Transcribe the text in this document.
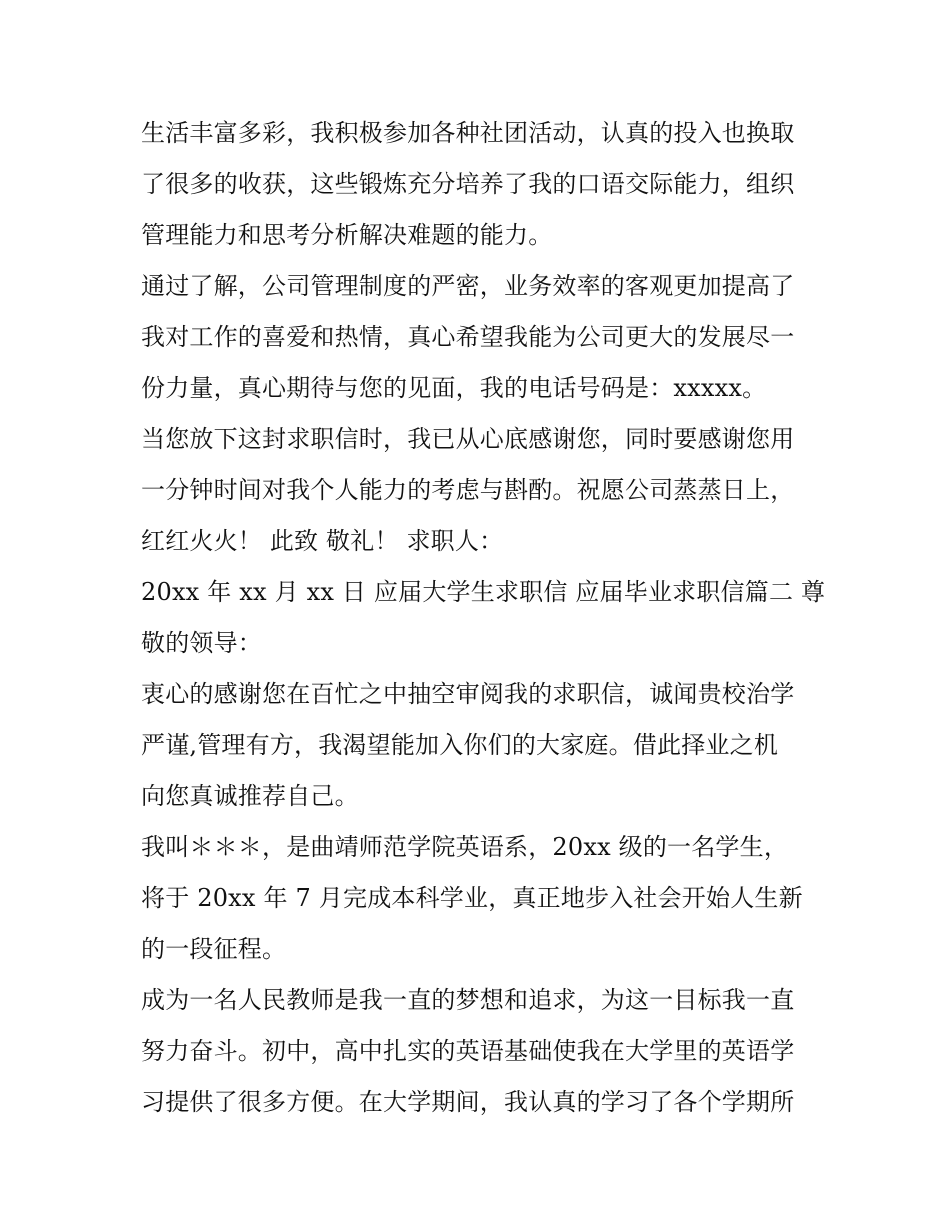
生活丰富多彩，我积极参加各种社团活动，认真的投入也换取
了很多的收获，这些锻炼充分培养了我的口语交际能力，组织
管理能力和思考分析解决难题的能力。
通过了解，公司管理制度的严密，业务效率的客观更加提高了
我对工作的喜爱和热情，真心希望我能为公司更大的发展尽一
份力量，真心期待与您的见面，我的电话号码是：xxxxx。
当您放下这封求职信时，我已从心底感谢您，同时要感谢您用
一分钟时间对我个人能力的考虑与斟酌。祝愿公司蒸蒸日上，
红红火火！ 此致 敬礼！ 求职人：
20xx 年 xx 月 xx 日 应届大学生求职信 应届毕业求职信篇二 尊
敬的领导：
衷心的感谢您在百忙之中抽空审阅我的求职信，诚闻贵校治学
严谨,管理有方，我渴望能加入你们的大家庭。借此择业之机
向您真诚推荐自己。
我叫＊＊＊，是曲靖师范学院英语系，20xx 级的一名学生，
将于 20xx 年 7 月完成本科学业，真正地步入社会开始人生新
的一段征程。
成为一名人民教师是我一直的梦想和追求，为这一目标我一直
努力奋斗。初中，高中扎实的英语基础使我在大学里的英语学
习提供了很多方便。在大学期间，我认真的学习了各个学期所
